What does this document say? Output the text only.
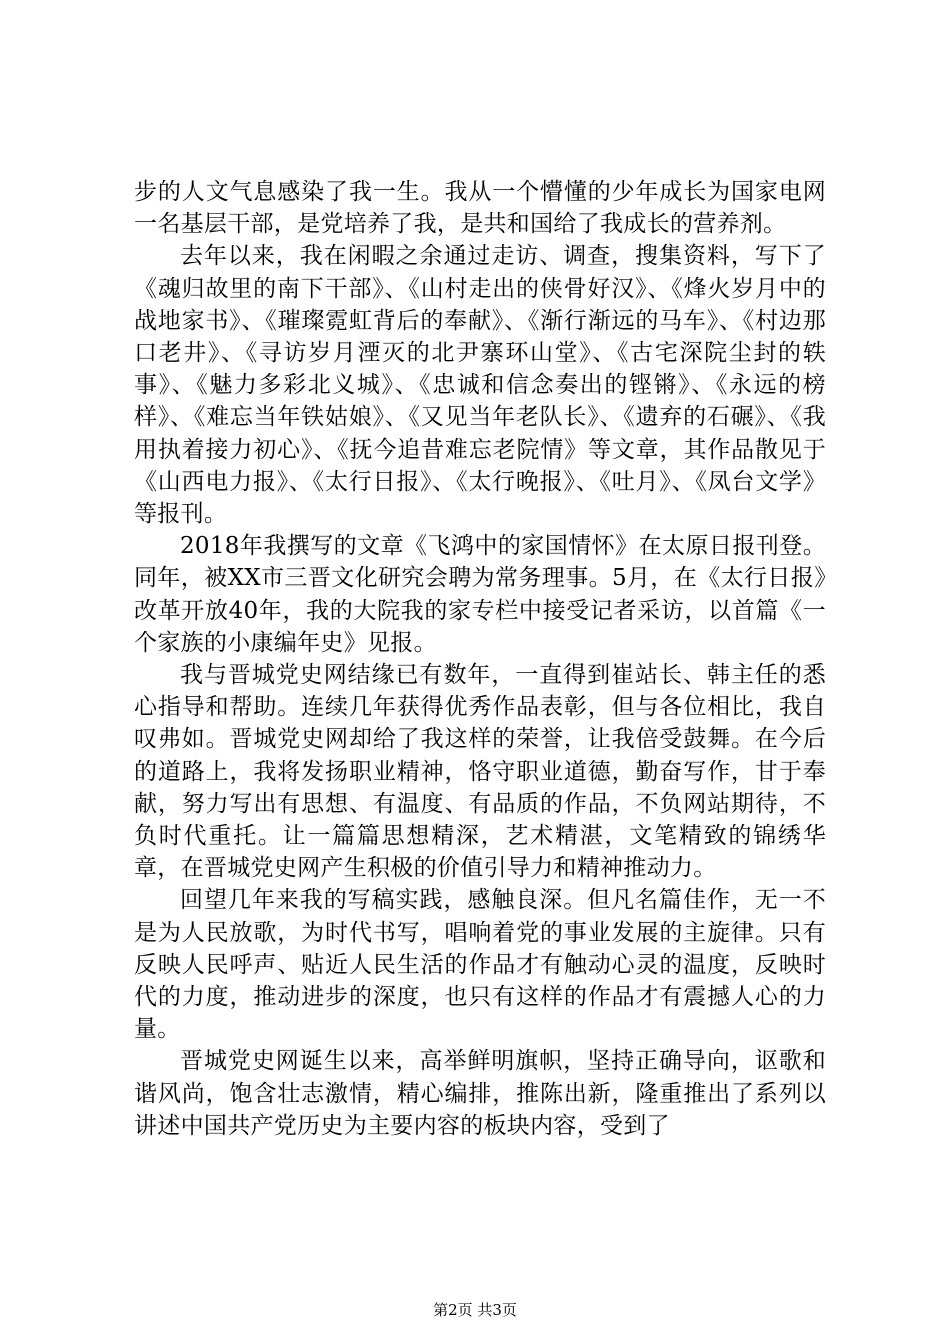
步的人文气息感染了我一生。我从一个懵懂的少年成长为国家电网一名基层干部，是党培养了我，是共和国给了我成长的营养剂。

去年以来，我在闲暇之余通过走访、调查，搜集资料，写下了《魂归故里的南下干部》、《山村走出的侠骨好汉》、《烽火岁月中的战地家书》、《璀璨霓虹背后的奉献》、《渐行渐远的马车》、《村边那口老井》、《寻访岁月湮灭的北尹寨环山堂》、《古宅深院尘封的轶事》、《魅力多彩北义城》、《忠诚和信念奏出的铿锵》、《永远的榜样》、《难忘当年铁姑娘》、《又见当年老队长》、《遗弃的石碾》、《我用执着接力初心》、《抚今追昔难忘老院情》等文章，其作品散见于《山西电力报》、《太行日报》、《太行晚报》、《吐月》、《凤台文学》等报刊。

2018年我撰写的文章《飞鸿中的家国情怀》在太原日报刊登。同年，被XX市三晋文化研究会聘为常务理事。5月，在《太行日报》改革开放40年，我的大院我的家专栏中接受记者采访，以首篇《一个家族的小康编年史》见报。

我与晋城党史网结缘已有数年，一直得到崔站长、韩主任的悉心指导和帮助。连续几年获得优秀作品表彰，但与各位相比，我自叹弗如。晋城党史网却给了我这样的荣誉，让我倍受鼓舞。在今后的道路上，我将发扬职业精神，恪守职业道德，勤奋写作，甘于奉献，努力写出有思想、有温度、有品质的作品，不负网站期待，不负时代重托。让一篇篇思想精深，艺术精湛，文笔精致的锦绣华章，在晋城党史网产生积极的价值引导力和精神推动力。

回望几年来我的写稿实践，感触良深。但凡名篇佳作，无一不是为人民放歌，为时代书写，唱响着党的事业发展的主旋律。只有反映人民呼声、贴近人民生活的作品才有触动心灵的温度，反映时代的力度，推动进步的深度，也只有这样的作品才有震撼人心的力量。

晋城党史网诞生以来，高举鲜明旗帜，坚持正确导向，讴歌和谐风尚，饱含壮志激情，精心编排，推陈出新，隆重推出了系列以讲述中国共产党历史为主要内容的板块内容，受到了

第2页 共3页
